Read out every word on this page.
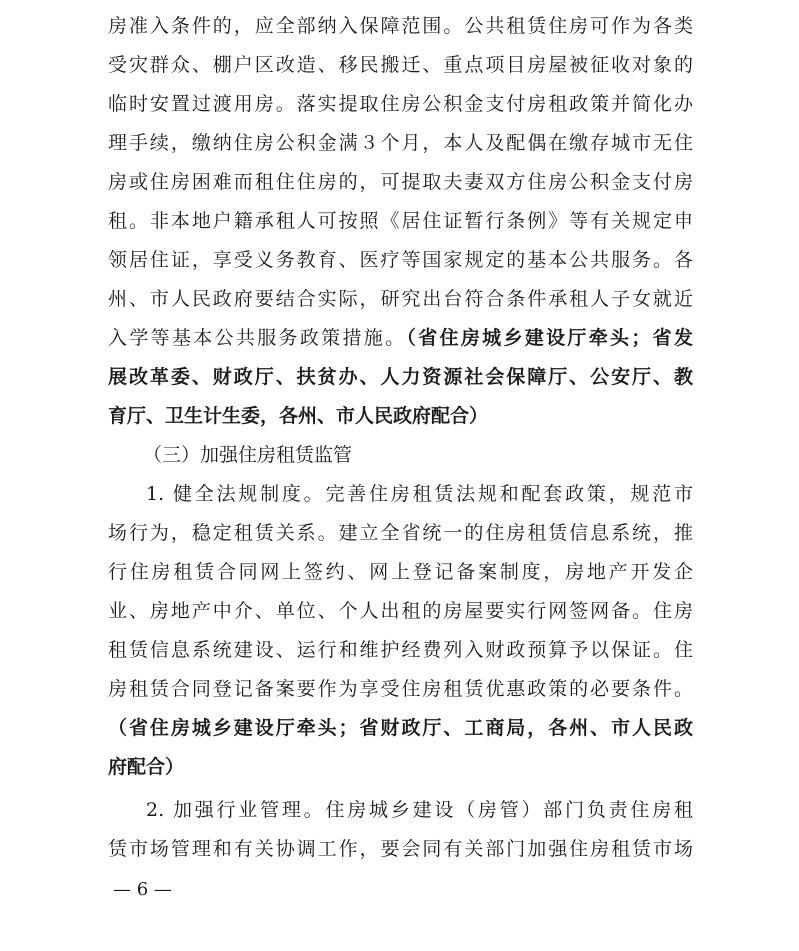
房准入条件的，应全部纳入保障范围。公共租赁住房可作为各类
受灾群众、棚户区改造、移民搬迁、重点项目房屋被征收对象的
临时安置过渡用房。落实提取住房公积金支付房租政策并简化办
理手续，缴纳住房公积金满３个月，本人及配偶在缴存城市无住
房或住房困难而租住住房的，可提取夫妻双方住房公积金支付房
租。非本地户籍承租人可按照《居住证暂行条例》等有关规定申
领居住证，享受义务教育、医疗等国家规定的基本公共服务。各
州、市人民政府要结合实际，研究出台符合条件承租人子女就近
入学等基本公共服务政策措施。（省住房城乡建设厅牵头；省发
展改革委、财政厅、扶贫办、人力资源社会保障厅、公安厅、教
育厅、卫生计生委，各州、市人民政府配合）
（三）加强住房租赁监管
1. 健全法规制度。完善住房租赁法规和配套政策，规范市
场行为，稳定租赁关系。建立全省统一的住房租赁信息系统，推
行住房租赁合同网上签约、网上登记备案制度，房地产开发企
业、房地产中介、单位、个人出租的房屋要实行网签网备。住房
租赁信息系统建设、运行和维护经费列入财政预算予以保证。住
房租赁合同登记备案要作为享受住房租赁优惠政策的必要条件。
（省住房城乡建设厅牵头；省财政厅、工商局，各州、市人民政
府配合）
2. 加强行业管理。住房城乡建设（房管）部门负责住房租
赁市场管理和有关协调工作，要会同有关部门加强住房租赁市场
— 6 —
